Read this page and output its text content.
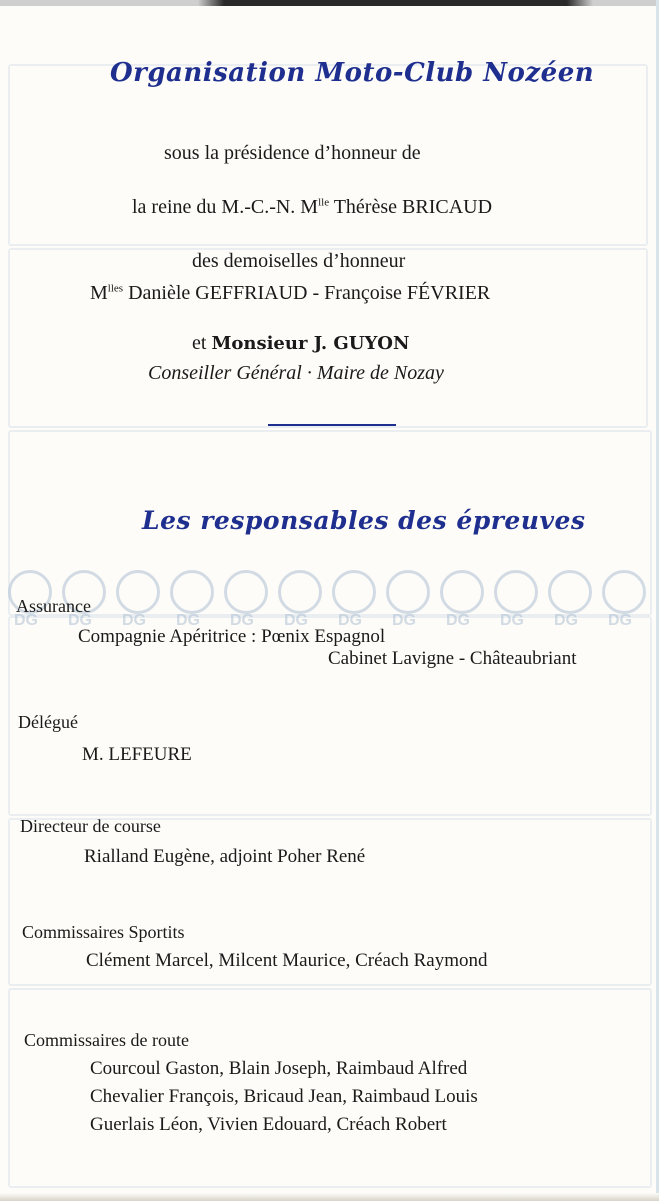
Organisation Moto-Club Nozéen
sous la présidence d’honneur de
la reine du M.-C.-N. $M^{lle}$ Thérèse BRICAUD
des demoiselles d’honneur
$M^{lles}$ Danièle GEFFRIAUD - Françoise FÉVRIER
et Monsieur J. GUYON
Conseiller Général · Maire de Nozay
Les responsables des épreuves
DG DG DG DG DG DG DG DG DG DG DG DG
Assurance
Compagnie Apéritrice : Pœnix Espagnol
Cabinet Lavigne - Châteaubriant
Délégué
M. LEFEURE
Directeur de course
Rialland Eugène, adjoint Poher René
Commissaires Sportits
Clément Marcel, Milcent Maurice, Créach Raymond
Commissaires de route
Courcoul Gaston, Blain Joseph, Raimbaud Alfred
Chevalier François, Bricaud Jean, Raimbaud Louis
Guerlais Léon, Vivien Edouard, Créach Robert
